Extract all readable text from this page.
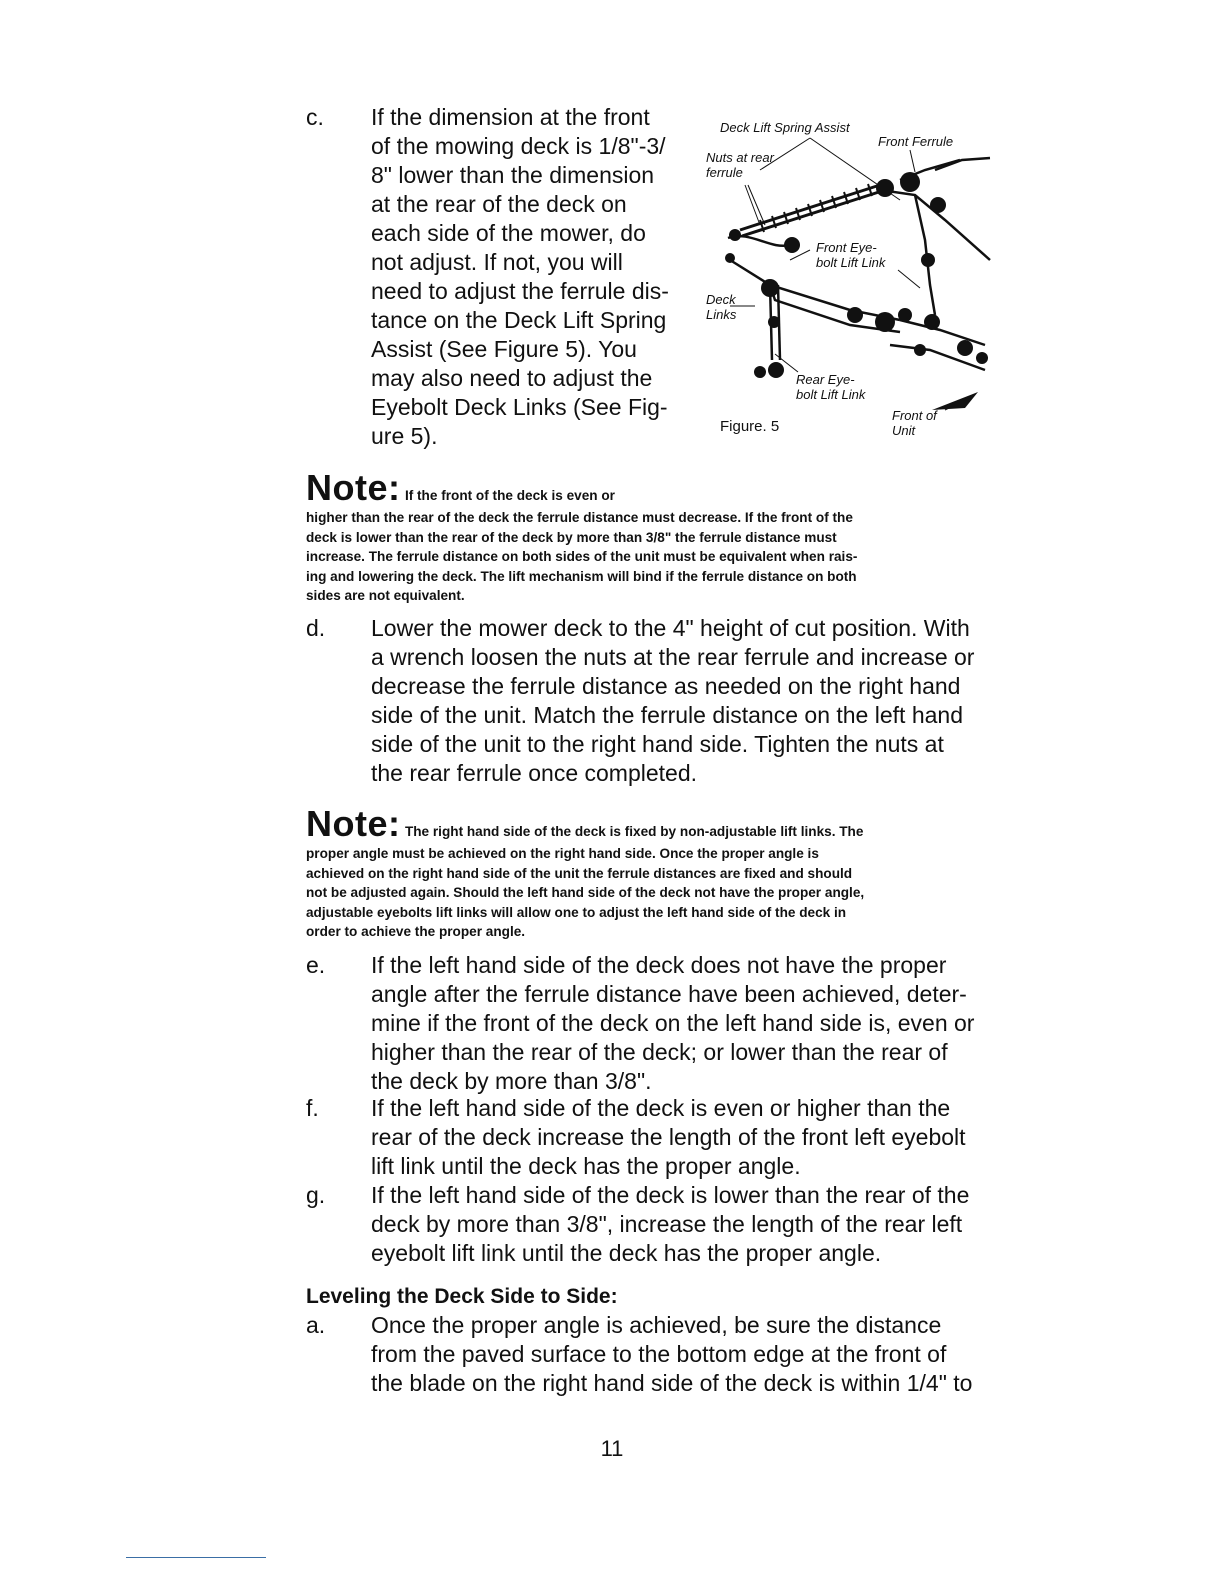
c. If the dimension at the front
of the mowing deck is 1/8"-3/
8" lower than the dimension
at the rear of the deck on
each side of the mower, do
not adjust. If not, you will
need to adjust the ferrule dis-
tance on the Deck Lift Spring
Assist (See Figure 5). You
may also need to adjust the
Eyebolt Deck Links (See Fig-
ure 5).
Deck Lift Spring Assist
Front Ferrule
Nuts at rear
ferrule
Front Eye-
bolt Lift Link
Deck
Links
Rear Eye-
bolt Lift Link
Front of
Unit
Figure. 5
Note: If the front of the deck is even or
higher than the rear of the deck the ferrule distance must decrease. If the front of the
deck is lower than the rear of the deck by more than 3/8" the ferrule distance must
increase. The ferrule distance on both sides of the unit must be equivalent when rais-
ing and lowering the deck. The lift mechanism will bind if the ferrule distance on both
sides are not equivalent.
d. Lower the mower deck to the 4" height of cut position. With
a wrench loosen the nuts at the rear ferrule and increase or
decrease the ferrule distance as needed on the right hand
side of the unit. Match the ferrule distance on the left hand
side of the unit to the right hand side. Tighten the nuts at
the rear ferrule once completed.
Note: The right hand side of the deck is fixed by non-adjustable lift links. The
proper angle must be achieved on the right hand side. Once the proper angle is
achieved on the right hand side of the unit the ferrule distances are fixed and should
not be adjusted again. Should the left hand side of the deck not have the proper angle,
adjustable eyebolts lift links will allow one to adjust the left hand side of the deck in
order to achieve the proper angle.
e. If the left hand side of the deck does not have the proper
angle after the ferrule distance have been achieved, deter-
mine if the front of the deck on the left hand side is, even or
higher than the rear of the deck; or lower than the rear of
the deck by more than 3/8".
f. If the left hand side of the deck is even or higher than the
rear of the deck increase the length of the front left eyebolt
lift link until the deck has the proper angle.
g. If the left hand side of the deck is lower than the rear of the
deck by more than 3/8", increase the length of the rear left
eyebolt lift link until the deck has the proper angle.
Leveling the Deck Side to Side:
a. Once the proper angle is achieved, be sure the distance
from the paved surface to the bottom edge at the front of
the blade on the right hand side of the deck is within 1/4" to
11
